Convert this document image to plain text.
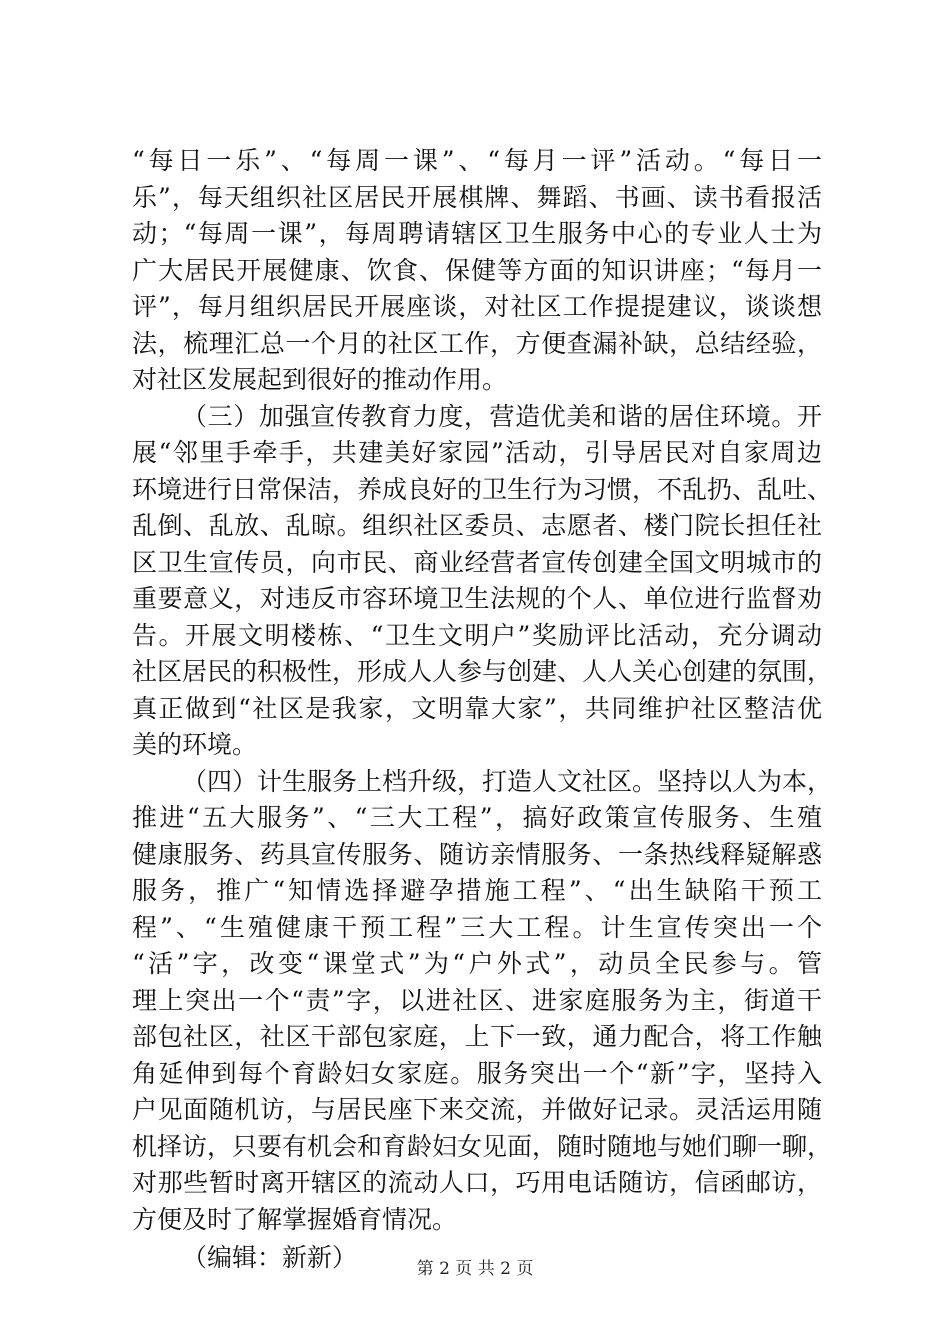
“每日一乐”、“每周一课”、“每月一评”活动。“每日一
乐”，每天组织社区居民开展棋牌、舞蹈、书画、读书看报活
动；“每周一课”，每周聘请辖区卫生服务中心的专业人士为
广大居民开展健康、饮食、保健等方面的知识讲座；“每月一
评”，每月组织居民开展座谈，对社区工作提提建议，谈谈想
法，梳理汇总一个月的社区工作，方便查漏补缺，总结经验，
对社区发展起到很好的推动作用。
（三）加强宣传教育力度，营造优美和谐的居住环境。开
展“邻里手牵手，共建美好家园”活动，引导居民对自家周边
环境进行日常保洁，养成良好的卫生行为习惯，不乱扔、乱吐、
乱倒、乱放、乱晾。组织社区委员、志愿者、楼门院长担任社
区卫生宣传员，向市民、商业经营者宣传创建全国文明城市的
重要意义，对违反市容环境卫生法规的个人、单位进行监督劝
告。开展文明楼栋、“卫生文明户”奖励评比活动，充分调动
社区居民的积极性，形成人人参与创建、人人关心创建的氛围，
真正做到“社区是我家，文明靠大家”，共同维护社区整洁优
美的环境。
（四）计生服务上档升级，打造人文社区。坚持以人为本，
推进“五大服务”、“三大工程”，搞好政策宣传服务、生殖
健康服务、药具宣传服务、随访亲情服务、一条热线释疑解惑
服务，推广“知情选择避孕措施工程”、“出生缺陷干预工
程”、“生殖健康干预工程”三大工程。计生宣传突出一个
“活”字，改变“课堂式”为“户外式”，动员全民参与。管
理上突出一个“责”字，以进社区、进家庭服务为主，街道干
部包社区，社区干部包家庭，上下一致，通力配合，将工作触
角延伸到每个育龄妇女家庭。服务突出一个“新”字，坚持入
户见面随机访，与居民座下来交流，并做好记录。灵活运用随
机择访，只要有机会和育龄妇女见面，随时随地与她们聊一聊，
对那些暂时离开辖区的流动人口，巧用电话随访，信函邮访，
方便及时了解掌握婚育情况。
（编辑：新新）	第 2 页 共 2 页
